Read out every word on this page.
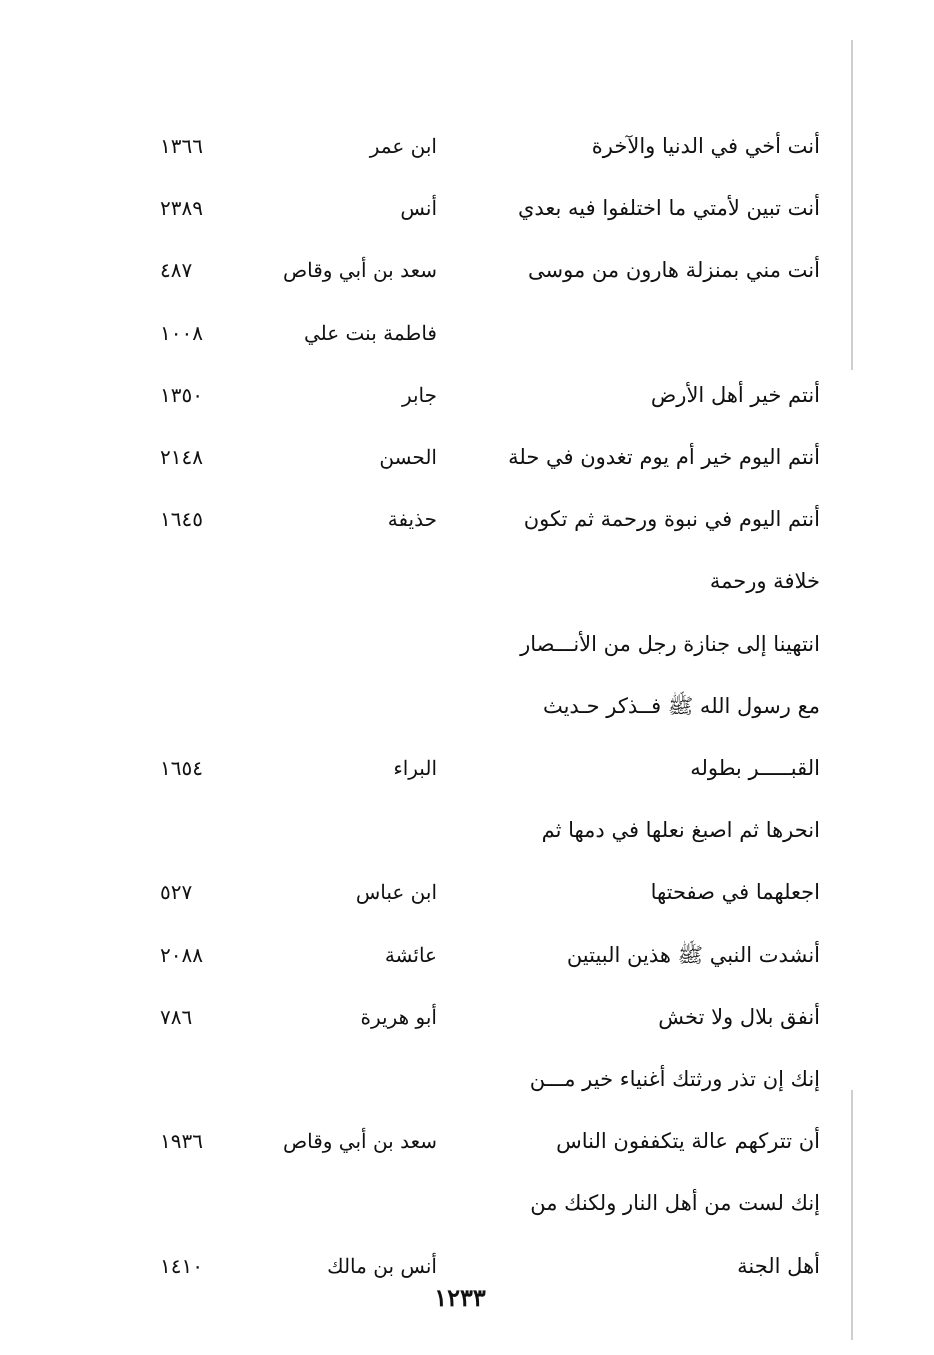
أنت أخي في الدنيا والآخرة
ابن عمر
١٣٦٦
أنت تبين لأمتي ما اختلفوا فيه بعدي
أنس
٢٣٨٩
أنت مني بمنزلة هارون من موسى
سعد بن أبي وقاص
٤٨٧
فاطمة بنت علي
١٠٠٨
أنتم خير أهل الأرض
جابر
١٣٥٠
أنتم اليوم خير أم يوم تغدون في حلة
الحسن
٢١٤٨
أنتم اليوم في نبوة ورحمة ثم تكون
حذيفة
١٦٤٥
خلافة ورحمة
انتهينا إلى جنازة رجل من الأنـــصار
مع رسول الله ﷺ فــذكر حـديث
القبـــــر بطوله
البراء
١٦٥٤
انحرها ثم اصبغ نعلها في دمها ثم
اجعلهما في صفحتها
ابن عباس
٥٢٧
أنشدت النبي ﷺ هذين البيتين
عائشة
٢٠٨٨
أنفق بلال ولا تخش
أبو هريرة
٧٨٦
إنك إن تذر ورثتك أغنياء خير مـــن
أن تتركهم عالة يتكففون الناس
سعد بن أبي وقاص
١٩٣٦
إنك لست من أهل النار ولكنك من
أهل الجنة
أنس بن مالك
١٤١٠
١٢٣٣
